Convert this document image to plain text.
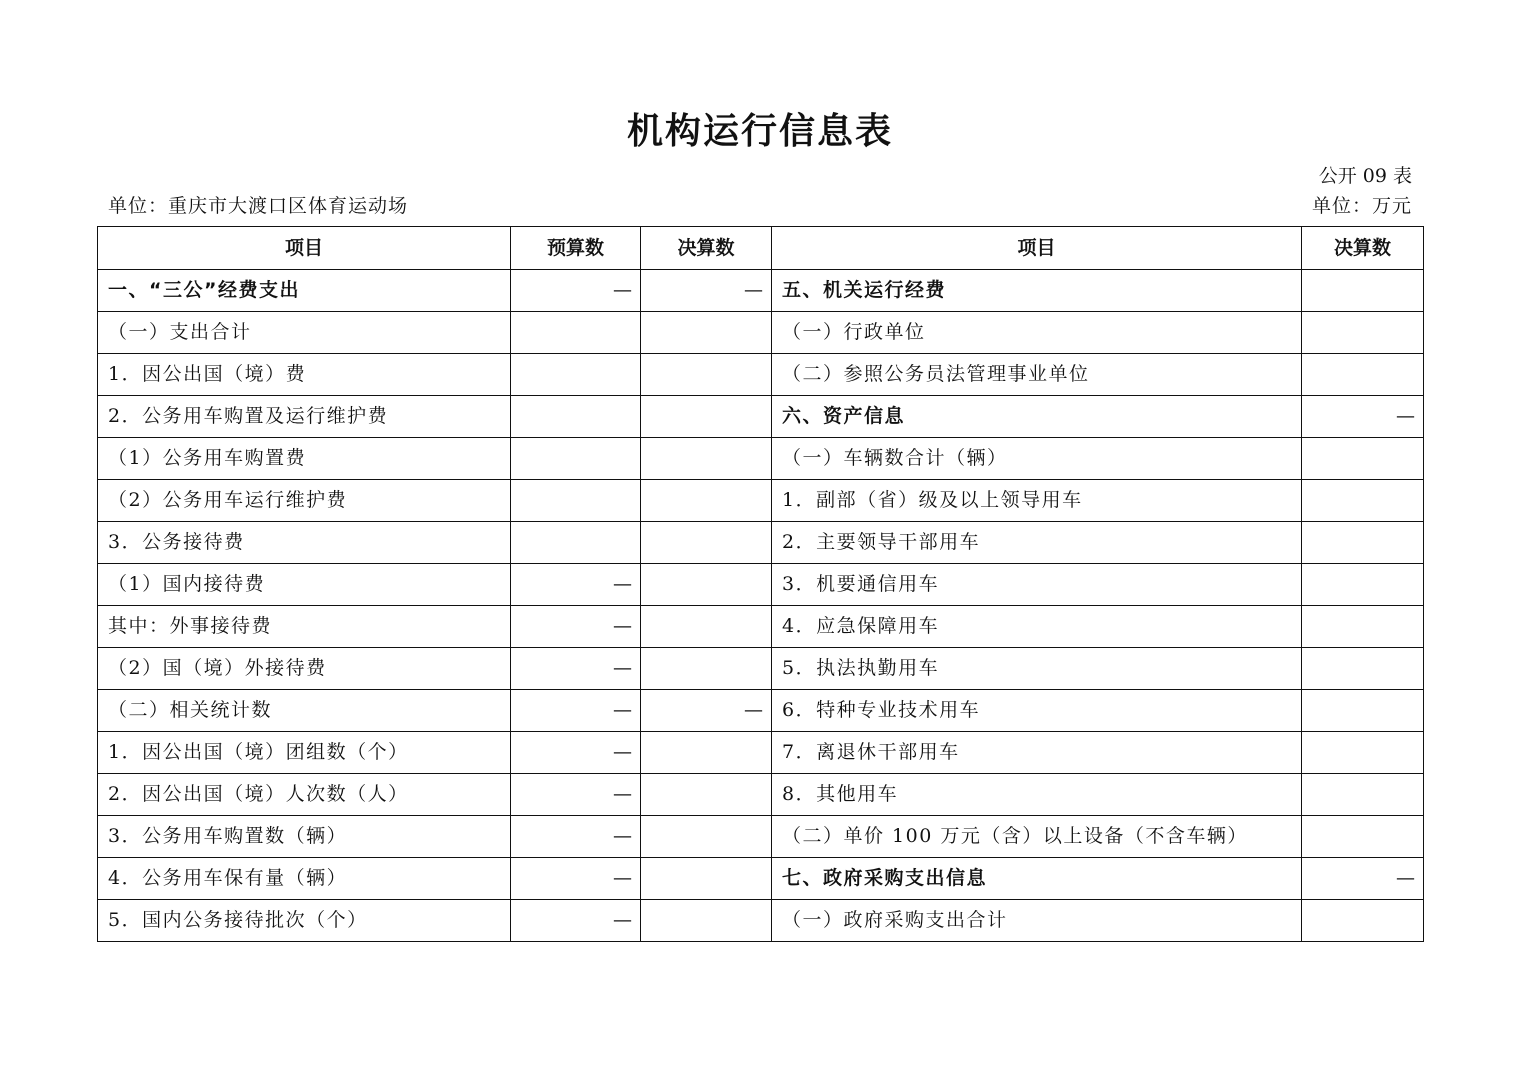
机构运行信息表
公开 09 表
单位：重庆市大渡口区体育运动场	单位：万元
项目	预算数	决算数	项目	决算数
一、“三公”经费支出	—	—	五、机关运行经费	
（一）支出合计			（一）行政单位	
1．因公出国（境）费			（二）参照公务员法管理事业单位	
2．公务用车购置及运行维护费			六、资产信息	—
（1）公务用车购置费			（一）车辆数合计（辆）	
（2）公务用车运行维护费			1．副部（省）级及以上领导用车	
3．公务接待费			2．主要领导干部用车	
（1）国内接待费	—		3．机要通信用车	
其中：外事接待费	—		4．应急保障用车	
（2）国（境）外接待费	—		5．执法执勤用车	
（二）相关统计数	—	—	6．特种专业技术用车	
1．因公出国（境）团组数（个）	—		7．离退休干部用车	
2．因公出国（境）人次数（人）	—		8．其他用车	
3．公务用车购置数（辆）	—		（二）单价 100 万元（含）以上设备（不含车辆）	
4．公务用车保有量（辆）	—		七、政府采购支出信息	—
5．国内公务接待批次（个）	—		（一）政府采购支出合计	
